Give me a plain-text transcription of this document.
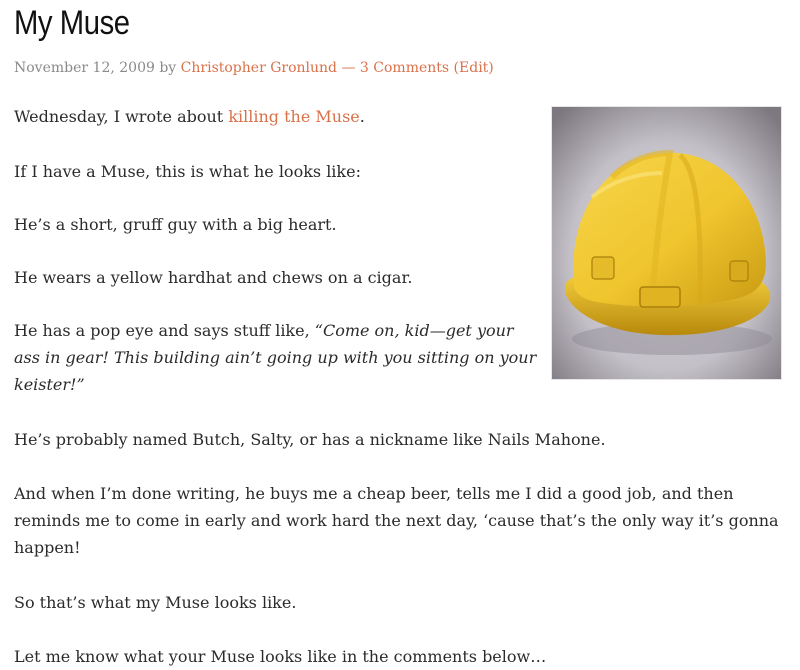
My Muse
November 12, 2009 by Christopher Gronlund — 3 Comments (Edit)

Wednesday, I wrote about killing the Muse.

If I have a Muse, this is what he looks like:

He’s a short, gruff guy with a big heart.

He wears a yellow hardhat and chews on a cigar.

He has a pop eye and says stuff like, “Come on, kid—get your

ass in gear! This building ain’t going up with you sitting on your

keister!”

He’s probably named Butch, Salty, or has a nickname like Nails Mahone.

And when I’m done writing, he buys me a cheap beer, tells me I did a good job, and then

reminds me to come in early and work hard the next day, ‘cause that’s the only way it’s gonna

happen!

So that’s what my Muse looks like.

Let me know what your Muse looks like in the comments below…
